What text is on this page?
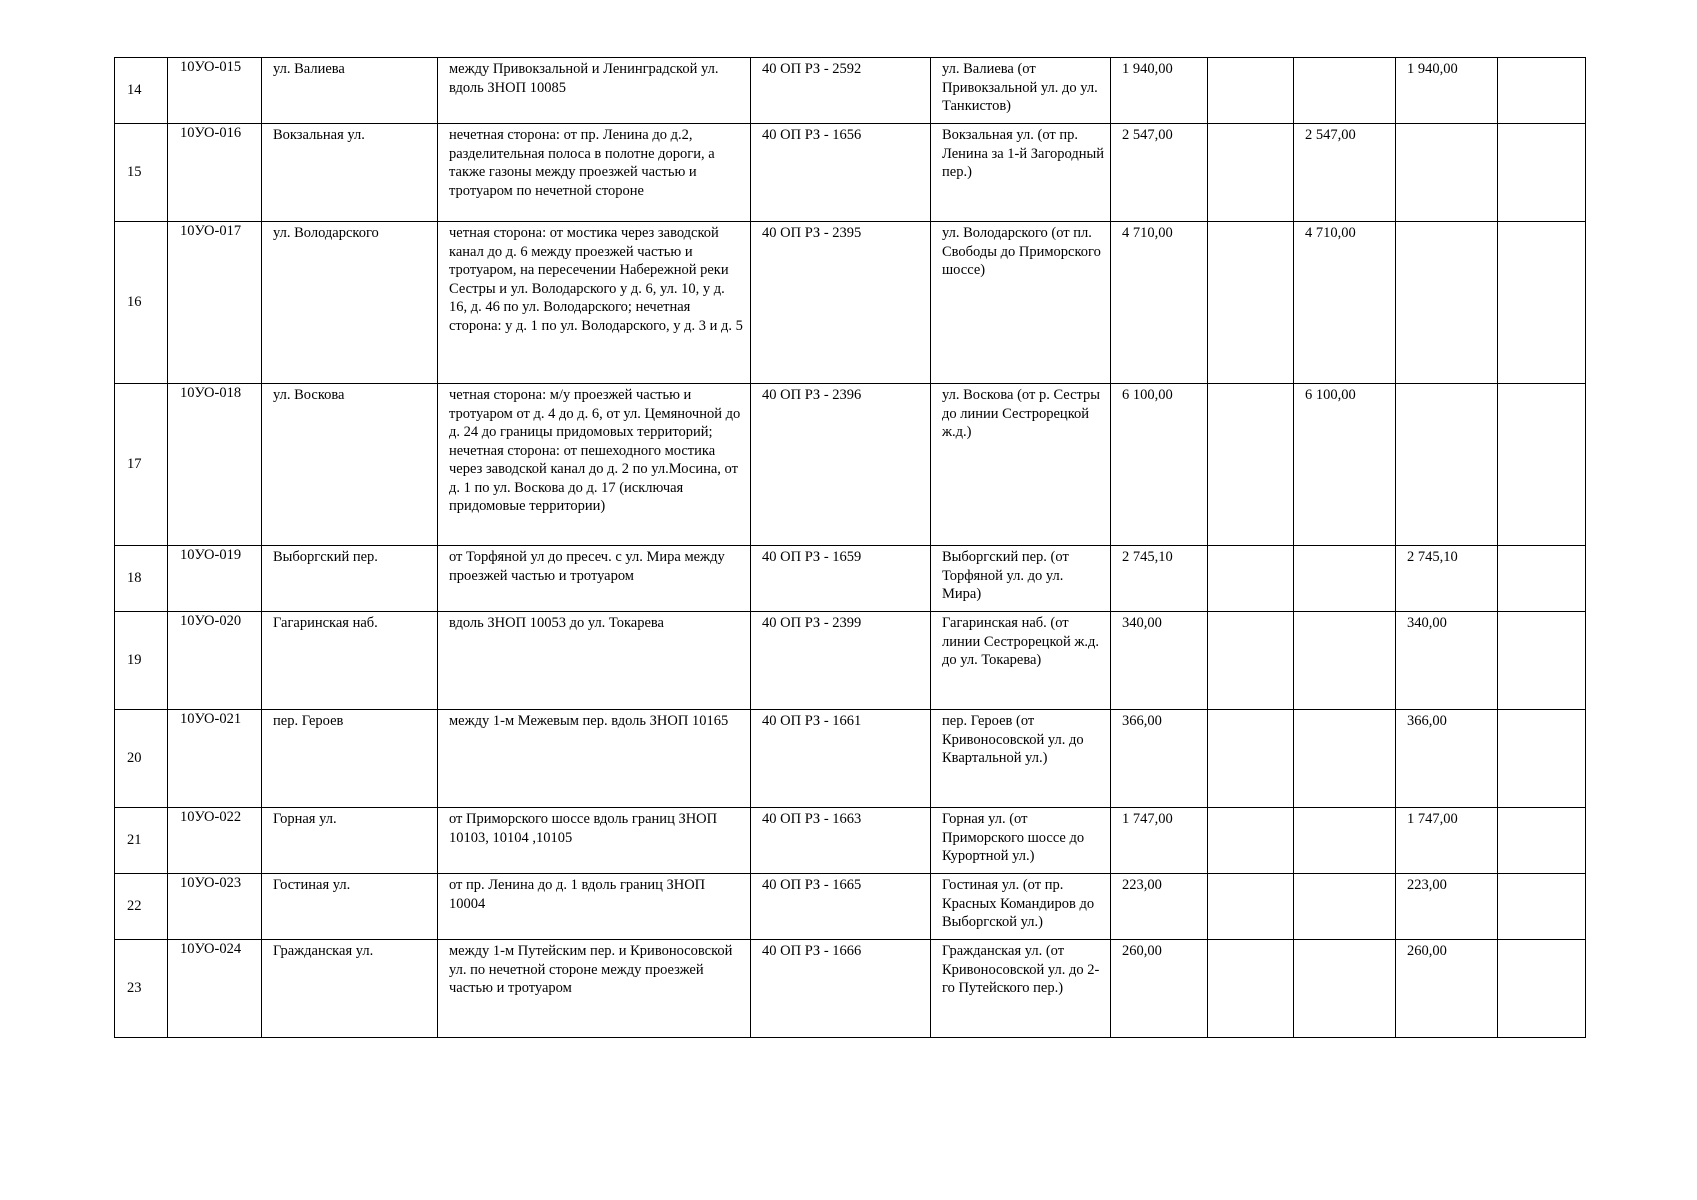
14	10УО-015	ул. Валиева	между Привокзальной и Ленинградской ул. вдоль ЗНОП 10085	40 ОП РЗ - 2592	ул. Валиева (от Привокзальной ул. до ул. Танкистов)	1 940,00			1 940,00	
15	10УО-016	Вокзальная ул.	нечетная сторона: от пр. Ленина до д.2, разделительная полоса в полотне дороги, а также газоны между проезжей частью и тротуаром по нечетной стороне	40 ОП РЗ - 1656	Вокзальная ул. (от пр. Ленина за 1-й Загородный пер.)	2 547,00		2 547,00		
16	10УО-017	ул. Володарского	четная сторона: от мостика через заводской канал до д. 6 между проезжей частью и тротуаром, на пересечении Набережной реки Сестры и ул. Володарского у д. 6, ул. 10, у д. 16, д. 46 по ул. Володарского; нечетная сторона: у д. 1 по ул. Володарского, у д. 3 и д. 5	40 ОП РЗ - 2395	ул. Володарского (от пл. Свободы до Приморского шоссе)	4 710,00		4 710,00		
17	10УО-018	ул. Воскова	четная сторона: м/у проезжей частью и тротуаром от д. 4 до д. 6, от ул. Цемяночной до д. 24 до границы придомовых территорий; нечетная сторона: от пешеходного мостика через заводской канал до д. 2 по ул.Мосина, от д. 1 по ул. Воскова до д. 17 (исключая придомовые территории)	40 ОП РЗ - 2396	ул. Воскова (от р. Сестры до линии Сестрорецкой ж.д.)	6 100,00		6 100,00		
18	10УО-019	Выборгский пер.	от Торфяной ул до пресеч. с ул. Мира между проезжей частью и тротуаром	40 ОП РЗ - 1659	Выборгский пер. (от Торфяной ул. до ул. Мира)	2 745,10			2 745,10	
19	10УО-020	Гагаринская наб.	вдоль ЗНОП 10053 до ул. Токарева	40 ОП РЗ - 2399	Гагаринская наб. (от линии Сестрорецкой ж.д. до ул. Токарева)	340,00			340,00	
20	10УО-021	пер. Героев	между 1-м Межевым пер. вдоль ЗНОП 10165	40 ОП РЗ - 1661	пер. Героев (от Кривоносовской ул. до Квартальной ул.)	366,00			366,00	
21	10УО-022	Горная ул.	от Приморского шоссе вдоль границ ЗНОП 10103, 10104 ,10105	40 ОП РЗ - 1663	Горная ул. (от Приморского шоссе до Курортной ул.)	1 747,00			1 747,00	
22	10УО-023	Гостиная ул.	от пр. Ленина до д. 1 вдоль границ ЗНОП 10004	40 ОП РЗ - 1665	Гостиная ул. (от пр. Красных Командиров до Выборгской ул.)	223,00			223,00	
23	10УО-024	Гражданская ул.	между 1-м Путейским пер. и Кривоносовской ул. по нечетной стороне между проезжей частью и тротуаром	40 ОП РЗ - 1666	Гражданская ул. (от Кривоносовской ул. до 2-го Путейского пер.)	260,00			260,00	
